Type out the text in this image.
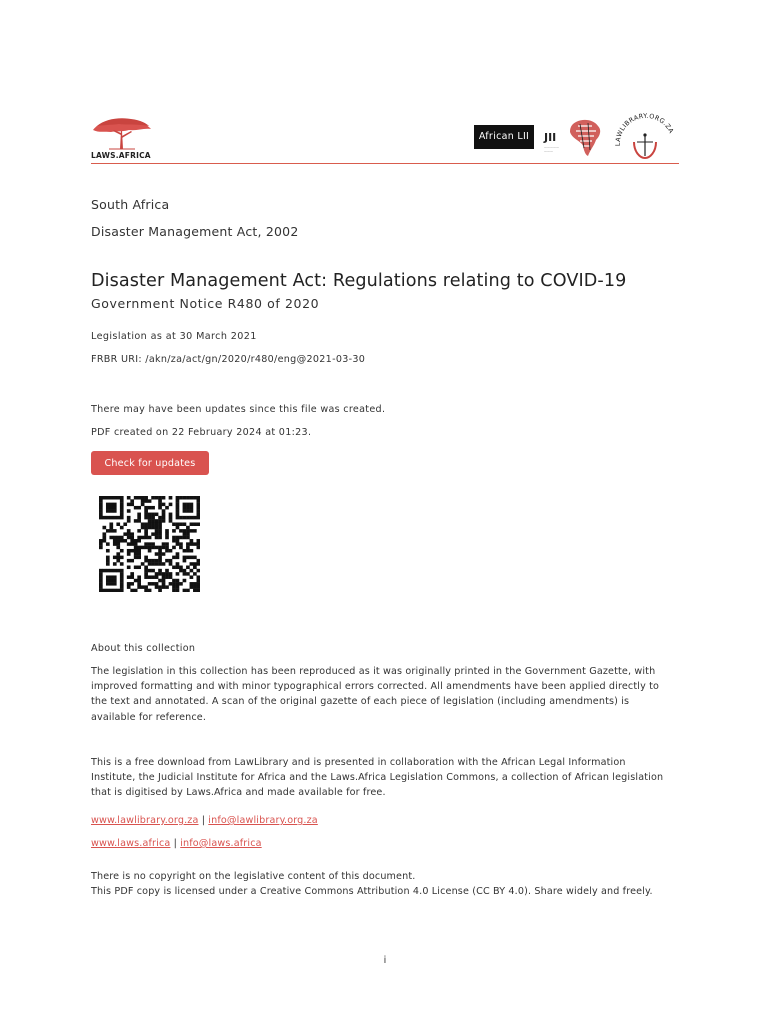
LAWS.AFRICA
African LII	JII
—————
———
LAWLIBRARY.ORG.ZA
South Africa
Disaster Management Act, 2002
Disaster Management Act: Regulations relating to COVID-19
Government Notice R480 of 2020
Legislation as at 30 March 2021
FRBR URI: /akn/za/act/gn/2020/r480/eng@2021-03-30
There may have been updates since this file was created.
PDF created on 22 February 2024 at 01:23.
Check for updates
About this collection
The legislation in this collection has been reproduced as it was originally printed in the Government Gazette, with improved formatting and with minor typographical errors corrected. All amendments have been applied directly to the text and annotated. A scan of the original gazette of each piece of legislation (including amendments) is available for reference.
This is a free download from LawLibrary and is presented in collaboration with the African Legal Information Institute, the Judicial Institute for Africa and the Laws.Africa Legislation Commons, a collection of African legislation that is digitised by Laws.Africa and made available for free.
www.lawlibrary.org.za | info@lawlibrary.org.za
www.laws.africa | info@laws.africa
There is no copyright on the legislative content of this document.
This PDF copy is licensed under a Creative Commons Attribution 4.0 License (CC BY 4.0). Share widely and freely.
i
